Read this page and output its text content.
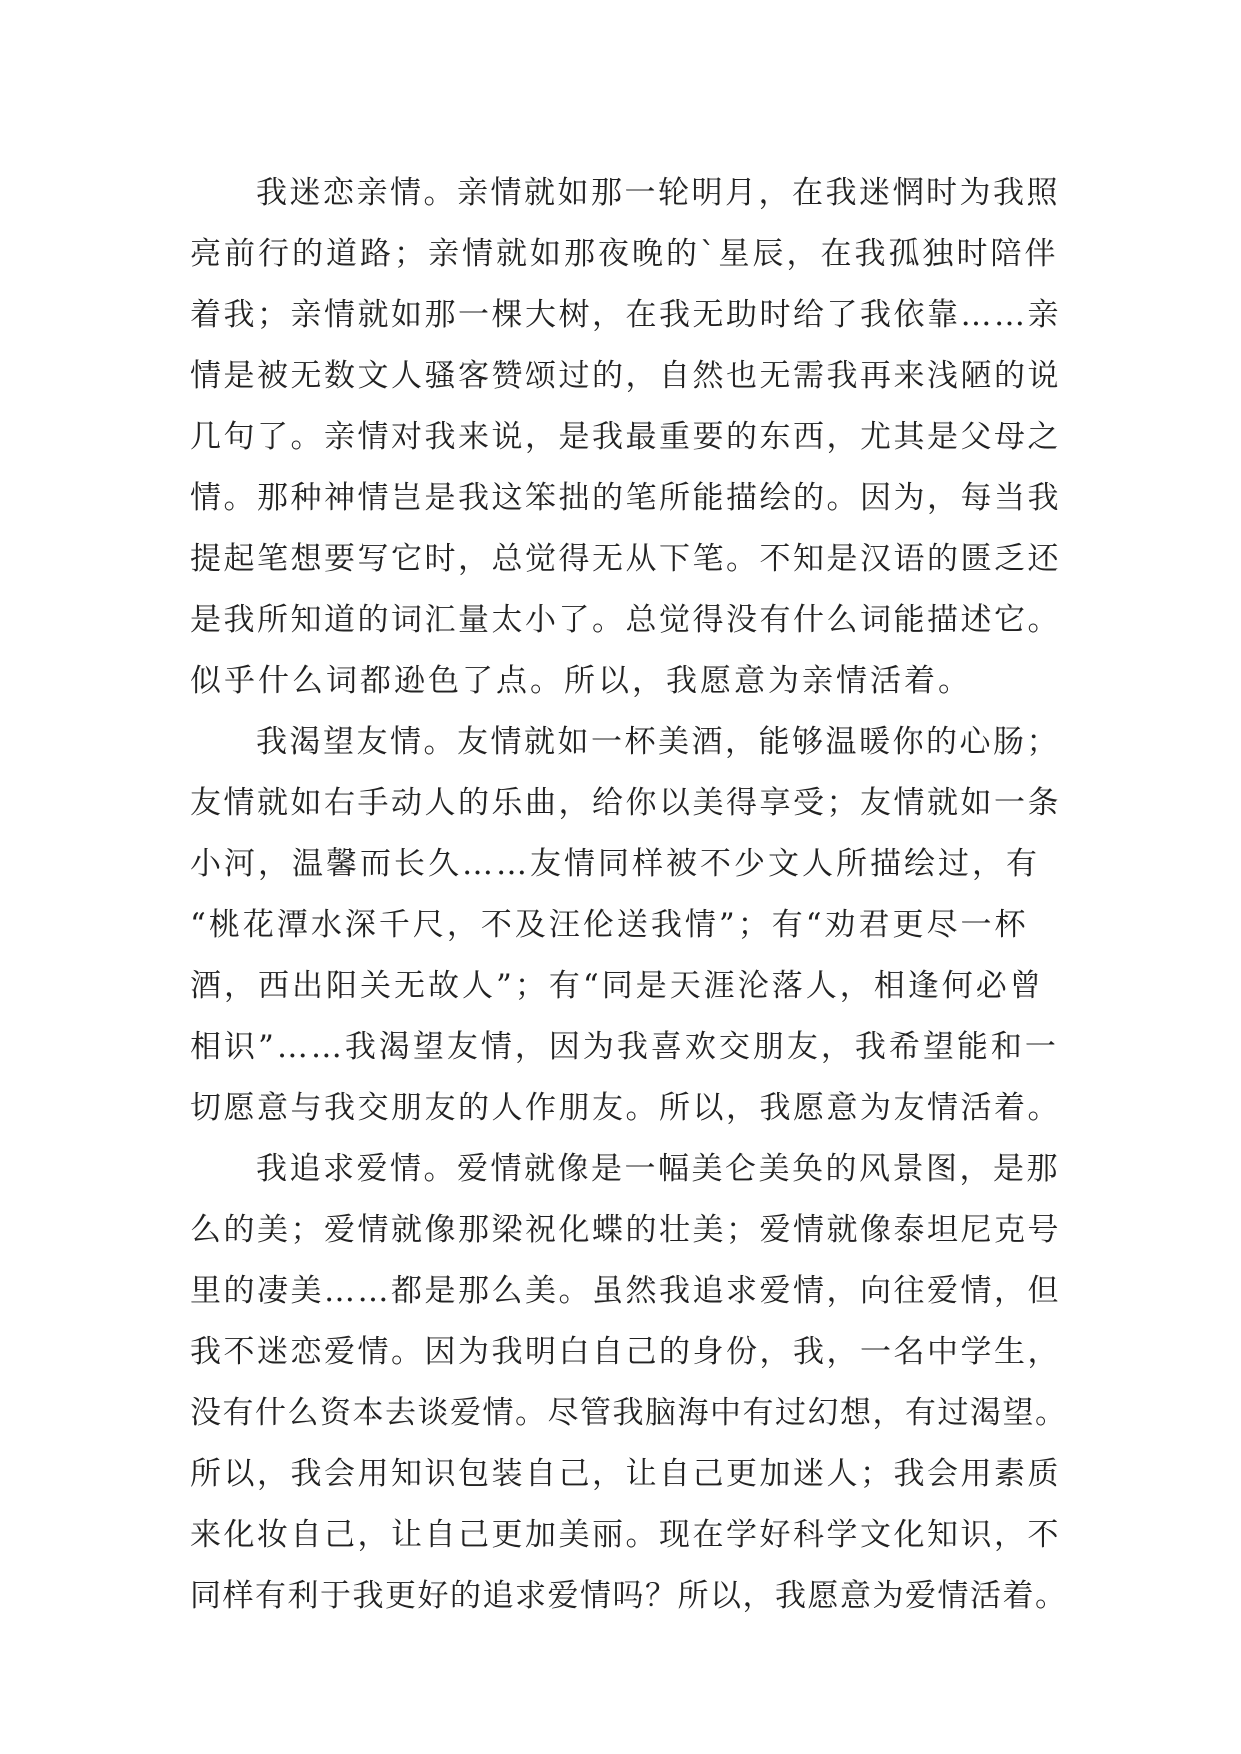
我迷恋亲情。亲情就如那一轮明月，在我迷惘时为我照
亮前行的道路；亲情就如那夜晚的`星辰，在我孤独时陪伴
着我；亲情就如那一棵大树，在我无助时给了我依靠……亲
情是被无数文人骚客赞颂过的，自然也无需我再来浅陋的说
几句了。亲情对我来说，是我最重要的东西，尤其是父母之
情。那种神情岂是我这笨拙的笔所能描绘的。因为，每当我
提起笔想要写它时，总觉得无从下笔。不知是汉语的匮乏还
是我所知道的词汇量太小了。总觉得没有什么词能描述它。
似乎什么词都逊色了点。所以，我愿意为亲情活着。
我渴望友情。友情就如一杯美酒，能够温暖你的心肠；
友情就如右手动人的乐曲，给你以美得享受；友情就如一条
小河，温馨而长久……友情同样被不少文人所描绘过，有
“桃花潭水深千尺，不及汪伦送我情”；有“劝君更尽一杯
酒，西出阳关无故人”；有“同是天涯沦落人，相逢何必曾
相识”……我渴望友情，因为我喜欢交朋友，我希望能和一
切愿意与我交朋友的人作朋友。所以，我愿意为友情活着。
我追求爱情。爱情就像是一幅美仑美奂的风景图，是那
么的美；爱情就像那梁祝化蝶的壮美；爱情就像泰坦尼克号
里的凄美……都是那么美。虽然我追求爱情，向往爱情，但
我不迷恋爱情。因为我明白自己的身份，我，一名中学生，
没有什么资本去谈爱情。尽管我脑海中有过幻想，有过渴望。
所以，我会用知识包装自己，让自己更加迷人；我会用素质
来化妆自己，让自己更加美丽。现在学好科学文化知识，不
同样有利于我更好的追求爱情吗？所以，我愿意为爱情活着。
